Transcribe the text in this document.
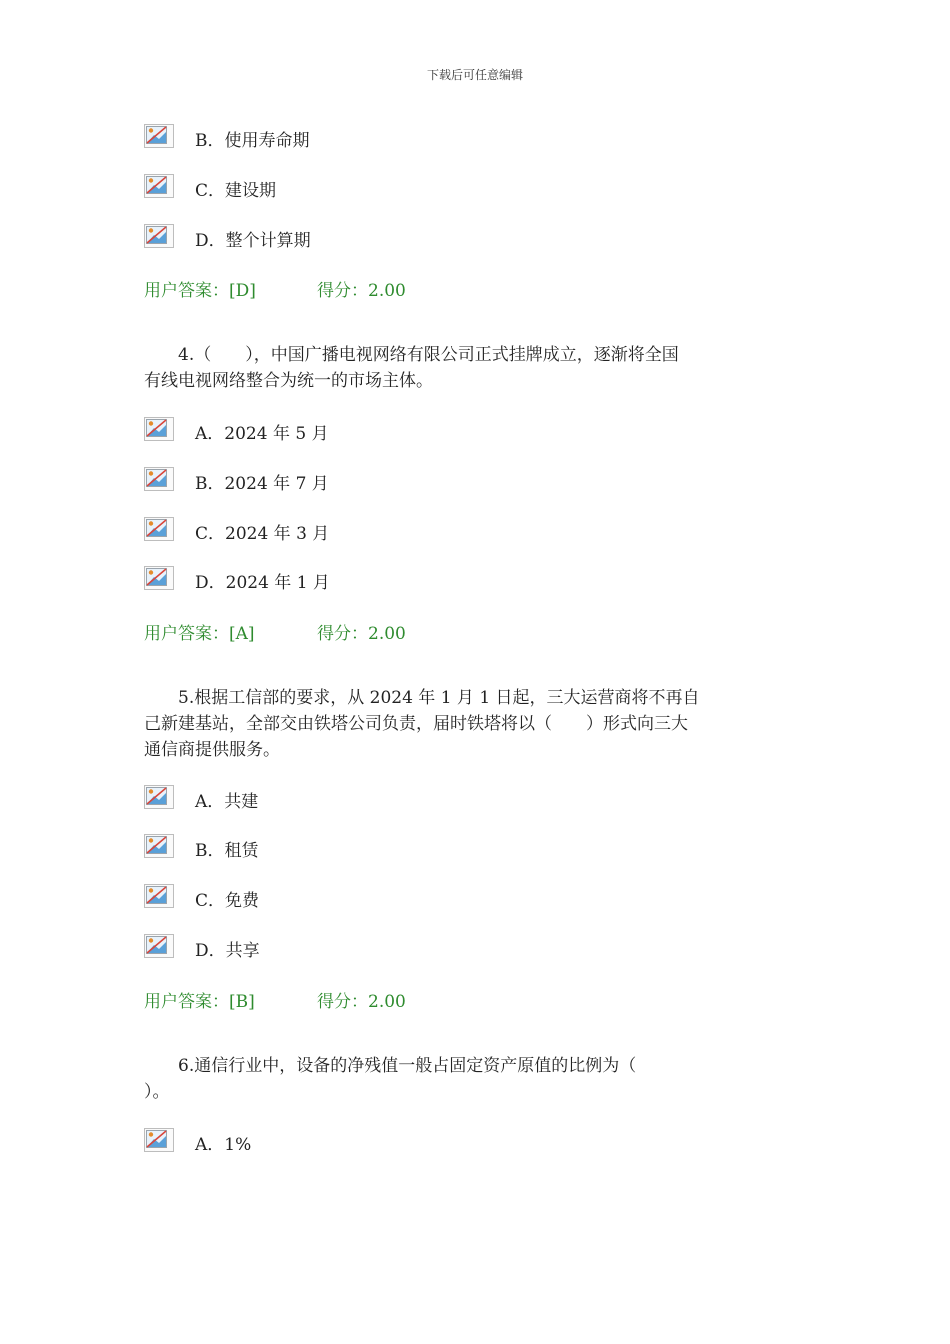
下载后可任意编辑
B．使用寿命期
C．建设期
D．整个计算期
用户答案：[D]	得分：2.00

4.（　　），中国广播电视网络有限公司正式挂牌成立，逐渐将全国

有线电视网络整合为统一的市场主体。

A．2024 年 5 月
B．2024 年 7 月
C．2024 年 3 月
D．2024 年 1 月
用户答案：[A]	得分：2.00

5.根据工信部的要求，从 2024 年 1 月 1 日起，三大运营商将不再自

己新建基站，全部交由铁塔公司负责，届时铁塔将以（　　）形式向三大

通信商提供服务。

A．共建
B．租赁
C．免费
D．共享
用户答案：[B]	得分：2.00

6.通信行业中，设备的净残值一般占固定资产原值的比例为（

）。

A．1%
